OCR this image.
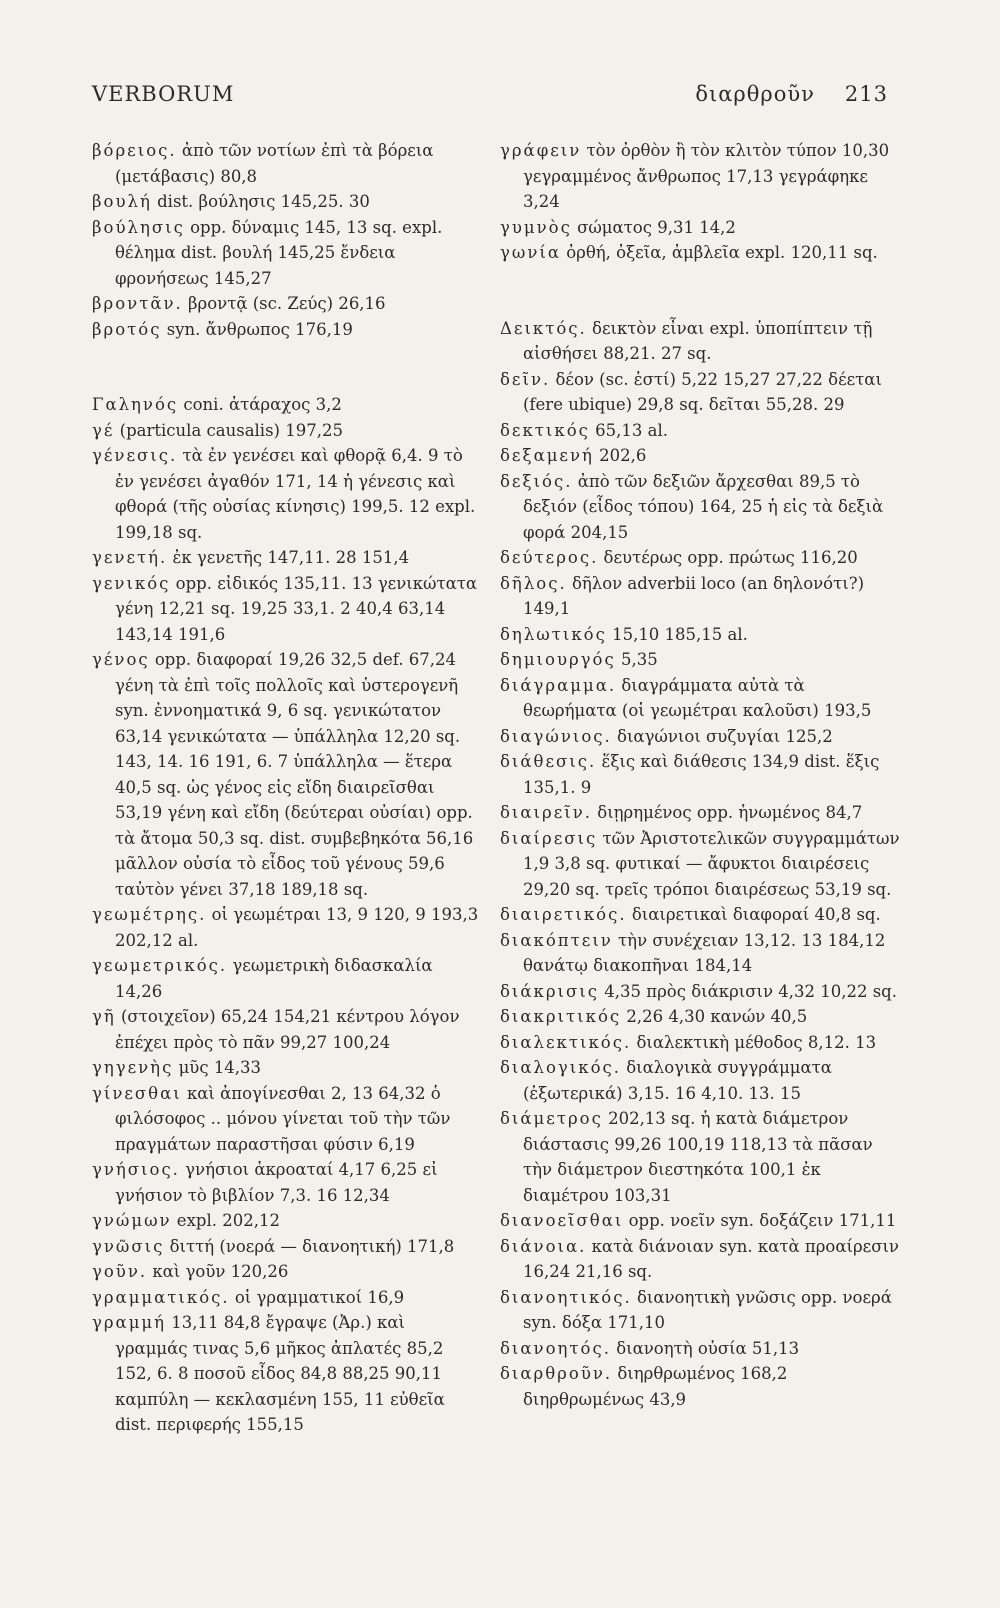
VERBORUM	διαρθροῦν 213

βόρειος. ἀπὸ τῶν νοτίων ἐπὶ τὰ βόρεια (μετάβασις) 80,8

βουλή dist. βούλησις 145,25. 30

βούλησις opp. δύναμις 145, 13 sq. expl. θέλημα dist. βουλή 145,25 ἔνδεια φρονήσεως 145,27

βροντᾶν. βροντᾷ (sc. Ζεύς) 26,16

βροτός syn. ἄνθρωπος 176,19

Γαληνός coni. ἀτάραχος 3,2

γέ (particula causalis) 197,25

γένεσις. τὰ ἐν γενέσει καὶ φθορᾷ 6,4. 9 τὸ ἐν γενέσει ἀγαθόν 171, 14 ἡ γένεσις καὶ φθορά (τῆς οὐσίας κίνησις) 199,5. 12 expl. 199,18 sq.

γενετή. ἐκ γενετῆς 147,11. 28 151,4

γενικός opp. εἰδικός 135,11. 13 γενικώτατα γένη 12,21 sq. 19,25 33,1. 2 40,4 63,14 143,14 191,6

γένος opp. διαφοραί 19,26 32,5 def. 67,24 γένη τὰ ἐπὶ τοῖς πολλοῖς καὶ ὑστερογενῆ syn. ἐννοηματικά 9, 6 sq. γενικώτατον 63,14 γενικώτατα — ὑπάλληλα 12,20 sq. 143, 14. 16 191, 6. 7 ὑπάλληλα — ἕτερα 40,5 sq. ὡς γένος εἰς εἴδη διαιρεῖσθαι 53,19 γένη καὶ εἴδη (δεύτεραι οὐσίαι) opp. τὰ ἄτομα 50,3 sq. dist. συμβεβηκότα 56,16 μᾶλλον οὐσία τὸ εἶδος τοῦ γένους 59,6 ταὐτὸν γένει 37,18 189,18 sq.

γεωμέτρης. οἱ γεωμέτραι 13, 9 120, 9 193,3 202,12 al.

γεωμετρικός. γεωμετρικὴ διδασκαλία 14,26

γῆ (στοιχεῖον) 65,24 154,21 κέντρου λόγον ἐπέχει πρὸς τὸ πᾶν 99,27 100,24

γηγενὴς μῦς 14,33

γίνεσθαι καὶ ἀπογίνεσθαι 2, 13 64,32 ὁ φιλόσοφος .. μόνου γίνεται τοῦ τὴν τῶν πραγμάτων παραστῆσαι φύσιν 6,19

γνήσιος. γνήσιοι ἀκροαταί 4,17 6,25 εἰ γνήσιον τὸ βιβλίον 7,3. 16 12,34

γνώμων expl. 202,12

γνῶσις διττή (νοερά — διανοητική) 171,8

γοῦν. καὶ γοῦν 120,26

γραμματικός. οἱ γραμματικοί 16,9

γραμμή 13,11 84,8 ἔγραψε (Ἀρ.) καὶ γραμμάς τινας 5,6 μῆκος ἀπλατές 85,2 152, 6. 8 ποσοῦ εἶδος 84,8 88,25 90,11 καμπύλη — κεκλασμένη 155, 11 εὐθεῖα dist. περιφερής 155,15

γράφειν τὸν ὀρθὸν ἢ τὸν κλιτὸν τύπον 10,30 γεγραμμένος ἄνθρωπος 17,13 γεγράφηκε 3,24

γυμνὸς σώματος 9,31 14,2

γωνία ὀρθή, ὀξεῖα, ἀμβλεῖα expl. 120,11 sq.

Δεικτός. δεικτὸν εἶναι expl. ὑποπίπτειν τῇ αἰσθήσει 88,21. 27 sq.

δεῖν. δέον (sc. ἐστί) 5,22 15,27 27,22 δέεται (fere ubique) 29,8 sq. δεῖται 55,28. 29

δεκτικός 65,13 al.

δεξαμενή 202,6

δεξιός. ἀπὸ τῶν δεξιῶν ἄρχεσθαι 89,5 τὸ δεξιόν (εἶδος τόπου) 164, 25 ἡ εἰς τὰ δεξιὰ φορά 204,15

δεύτερος. δευτέρως opp. πρώτως 116,20

δῆλος. δῆλον adverbii loco (an δηλονότι?) 149,1

δηλωτικός 15,10 185,15 al.

δημιουργός 5,35

διάγραμμα. διαγράμματα αὐτὰ τὰ θεωρήματα (οἱ γεωμέτραι καλοῦσι) 193,5

διαγώνιος. διαγώνιοι συζυγίαι 125,2

διάθεσις. ἕξις καὶ διάθεσις 134,9 dist. ἕξις 135,1. 9

διαιρεῖν. διῃρημένος opp. ἡνωμένος 84,7

διαίρεσις τῶν Ἀριστοτελικῶν συγγραμμάτων 1,9 3,8 sq. φυτικαί — ἄφυκτοι διαιρέσεις 29,20 sq. τρεῖς τρόποι διαιρέσεως 53,19 sq.

διαιρετικός. διαιρετικαὶ διαφοραί 40,8 sq.

διακόπτειν τὴν συνέχειαν 13,12. 13 184,12 θανάτῳ διακοπῆναι 184,14

διάκρισις 4,35 πρὸς διάκρισιν 4,32 10,22 sq.

διακριτικός 2,26 4,30 κανών 40,5

διαλεκτικός. διαλεκτικὴ μέθοδος 8,12. 13

διαλογικός. διαλογικὰ συγγράμματα (ἐξωτερικά) 3,15. 16 4,10. 13. 15

διάμετρος 202,13 sq. ἡ κατὰ διάμετρον διάστασις 99,26 100,19 118,13 τὰ πᾶσαν τὴν διάμετρον διεστηκότα 100,1 ἐκ διαμέτρου 103,31

διανοεῖσθαι opp. νοεῖν syn. δοξάζειν 171,11

διάνοια. κατὰ διάνοιαν syn. κατὰ προαίρεσιν 16,24 21,16 sq.

διανοητικός. διανοητικὴ γνῶσις opp. νοερά syn. δόξα 171,10

διανοητός. διανοητὴ οὐσία 51,13

διαρθροῦν. διηρθρωμένος 168,2 διηρθρωμένως 43,9
